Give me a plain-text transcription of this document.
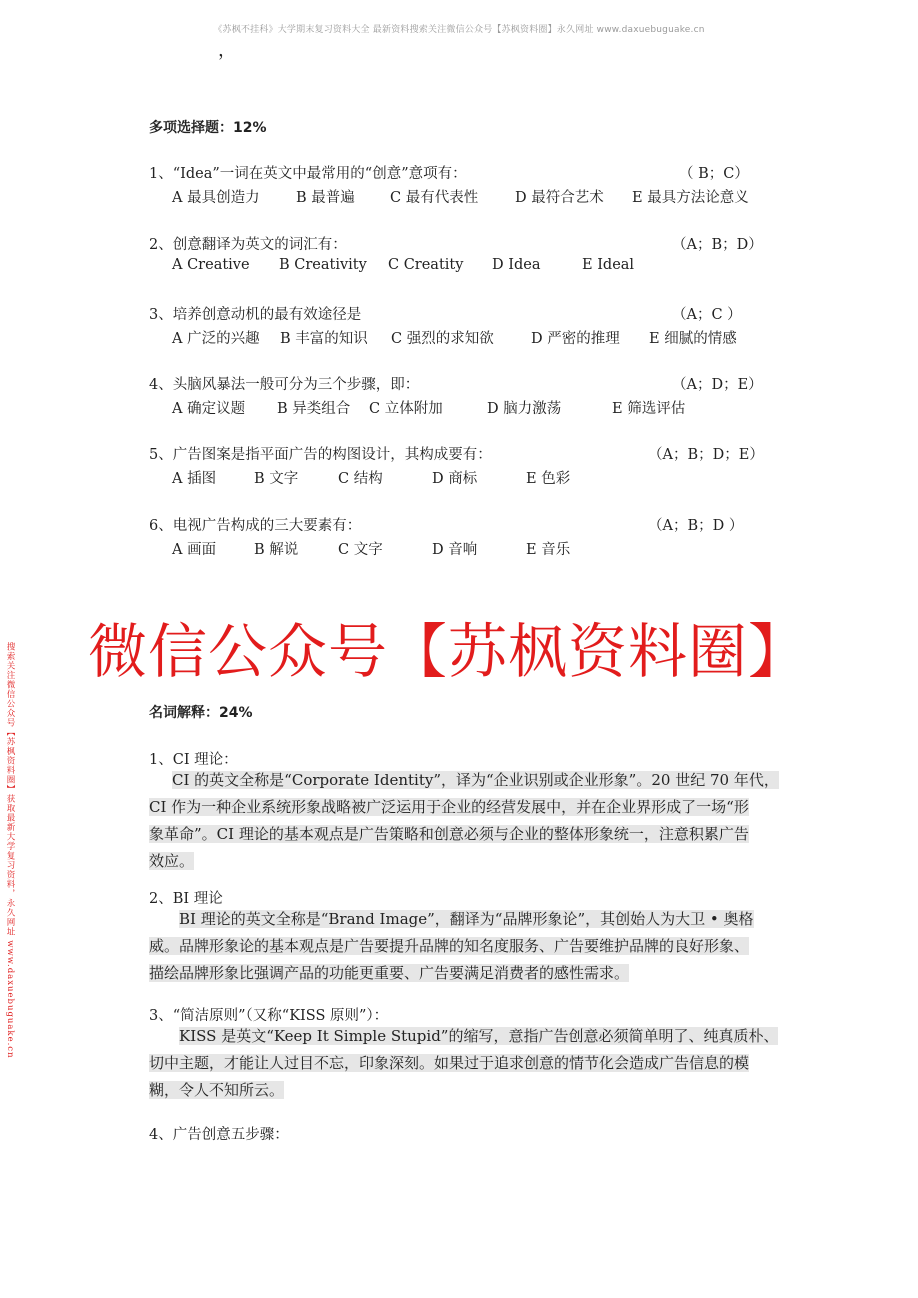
《苏枫不挂科》大学期末复习资料大全 最新资料搜索关注微信公众号【苏枫资料圈】永久网址 www.daxuebuguake.cn
，
多项选择题：12%
1、“Idea”一词在英文中最常用的“创意”意项有：	（ B；C）
A 最具创造力	B 最普遍 C 最有代表性	D 最符合艺术 E 最具方法论意义
2、创意翻译为英文的词汇有：	（A；B；D）
A Creative B Creativity C Creatity D Idea	E Ideal
3、培养创意动机的最有效途径是	（A；C ）
A 广泛的兴趣 B 丰富的知识 C 强烈的求知欲	D 严密的推理 E 细腻的情感
4、头脑风暴法一般可分为三个步骤，即：	（A；D；E）
A 确定议题 B 异类组合 C 立体附加	D 脑力激荡	E 筛选评估
5、广告图案是指平面广告的构图设计，其构成要有：	（A；B；D；E）
A 插图	B 文字	C 结构	D 商标	E 色彩
6、电视广告构成的三大要素有：	（A；B；D ）
A 画面	B 解说	C 文字	D 音响	E 音乐
微信公众号【苏枫资料圈】
搜索关注微信公众号【苏枫资料圈】获取最新大学复习资料，永久网址 www.daxuebuguake.cn	名词解释：24%
1、CI 理论：
CI 的英文全称是“Corporate Identity”，译为“企业识别或企业形象”。20 世纪 70 年代，
CI 作为一种企业系统形象战略被广泛运用于企业的经营发展中，并在企业界形成了一场“形
象革命”。CI 理论的基本观点是广告策略和创意必须与企业的整体形象统一，注意积累广告
效应。
2、BI 理论
BI 理论的英文全称是“Brand Image”，翻译为“品牌形象论”，其创始人为大卫 • 奥格
威。品牌形象论的基本观点是广告要提升品牌的知名度服务、广告要维护品牌的良好形象、
描绘品牌形象比强调产品的功能更重要、广告要满足消费者的感性需求。
3、“简洁原则”（又称“KISS 原则”）：
KISS 是英文“Keep It Simple Stupid”的缩写，意指广告创意必须简单明了、纯真质朴、
切中主题，才能让人过目不忘，印象深刻。如果过于追求创意的情节化会造成广告信息的模
糊，令人不知所云。
4、广告创意五步骤：
